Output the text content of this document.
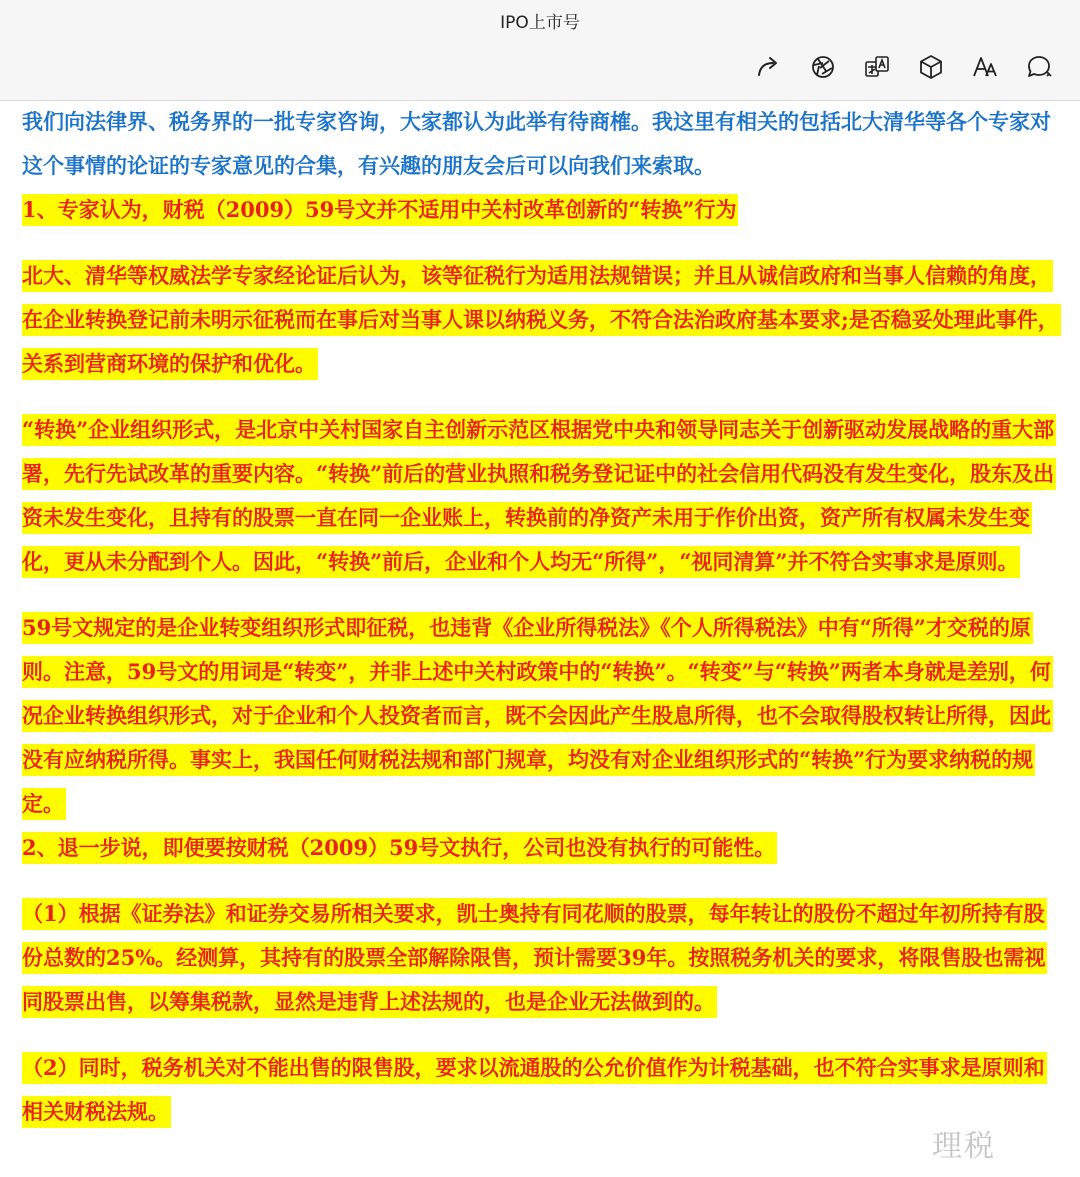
IPO上市号

我们向法律界、税务界的一批专家咨询，大家都认为此举有待商榷。我这里有相关的包括北大清华等各个专家对这个事情的论证的专家意见的合集，有兴趣的朋友会后可以向我们来索取。

1、专家认为，财税（2009）59号文并不适用中关村改革创新的“转换”行为

北大、清华等权威法学专家经论证后认为，该等征税行为适用法规错误；并且从诚信政府和当事人信赖的角度，在企业转换登记前未明示征税而在事后对当事人课以纳税义务，不符合法治政府基本要求;是否稳妥处理此事件，关系到营商环境的保护和优化。

“转换”企业组织形式，是北京中关村国家自主创新示范区根据党中央和领导同志关于创新驱动发展战略的重大部署，先行先试改革的重要内容。“转换”前后的营业执照和税务登记证中的社会信用代码没有发生变化，股东及出资未发生变化，且持有的股票一直在同一企业账上，转换前的净资产未用于作价出资，资产所有权属未发生变化，更从未分配到个人。因此，“转换”前后，企业和个人均无“所得”，“视同清算”并不符合实事求是原则。

59号文规定的是企业转变组织形式即征税，也违背《企业所得税法》《个人所得税法》中有“所得”才交税的原则。注意，59号文的用词是“转变”，并非上述中关村政策中的“转换”。“转变”与“转换”两者本身就是差别，何况企业转换组织形式，对于企业和个人投资者而言，既不会因此产生股息所得，也不会取得股权转让所得，因此没有应纳税所得。事实上，我国任何财税法规和部门规章，均没有对企业组织形式的“转换”行为要求纳税的规定。

2、退一步说，即便要按财税（2009）59号文执行，公司也没有执行的可能性。

（1）根据《证券法》和证券交易所相关要求，凯士奥持有同花顺的股票，每年转让的股份不超过年初所持有股份总数的25%。经测算，其持有的股票全部解除限售，预计需要39年。按照税务机关的要求，将限售股也需视同股票出售，以筹集税款，显然是违背上述法规的，也是企业无法做到的。

（2）同时，税务机关对不能出售的限售股，要求以流通股的公允价值作为计税基础，也不符合实事求是原则和相关财税法规。

理税
